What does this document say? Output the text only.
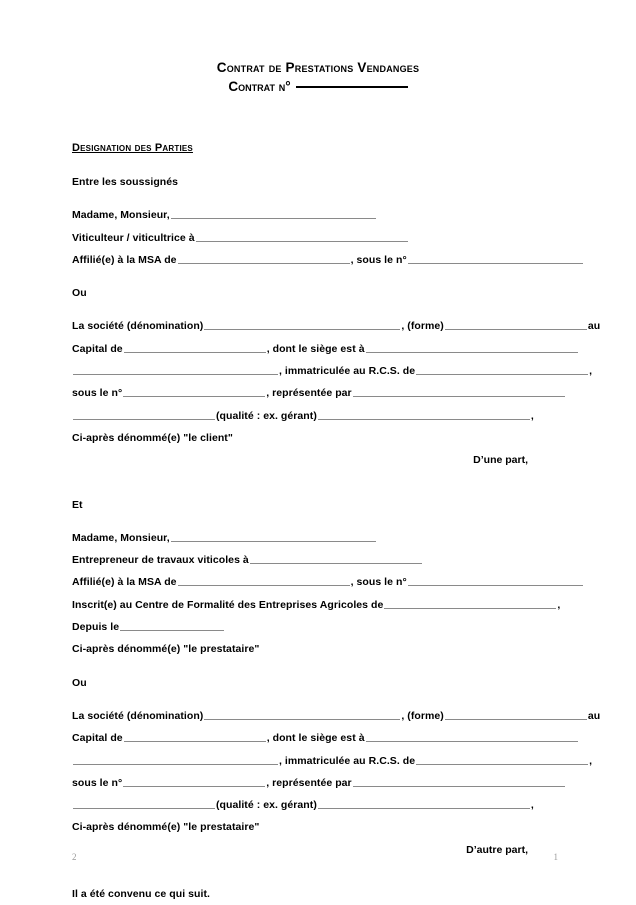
Contrat de Prestations Vendanges
Contrat n°
Designation des Parties
Entre les soussignés
Madame, Monsieur,
Viticulteur / viticultrice à
Affilié(e) à la MSA de	, sous le n°
Ou
La société (dénomination)	, (forme)	au
Capital de	, dont le siège est à
, immatriculée au R.C.S. de	,
sous le n°	, représentée par
(qualité : ex. gérant)	,
Ci-après dénommé(e) "le client"
D’une part,
Et
Madame, Monsieur,
Entrepreneur de travaux viticoles à
Affilié(e) à la MSA de	, sous le n°
Inscrit(e) au Centre de Formalité des Entreprises Agricoles de	,
Depuis le
Ci-après dénommé(e) "le prestataire"
Ou
La société (dénomination)	, (forme)	au
Capital de	, dont le siège est à
, immatriculée au R.C.S. de	,
sous le n°	, représentée par
(qualité : ex. gérant)	,
Ci-après dénommé(e) "le prestataire"
D’autre part,
Il a été convenu ce qui suit.
2	1
